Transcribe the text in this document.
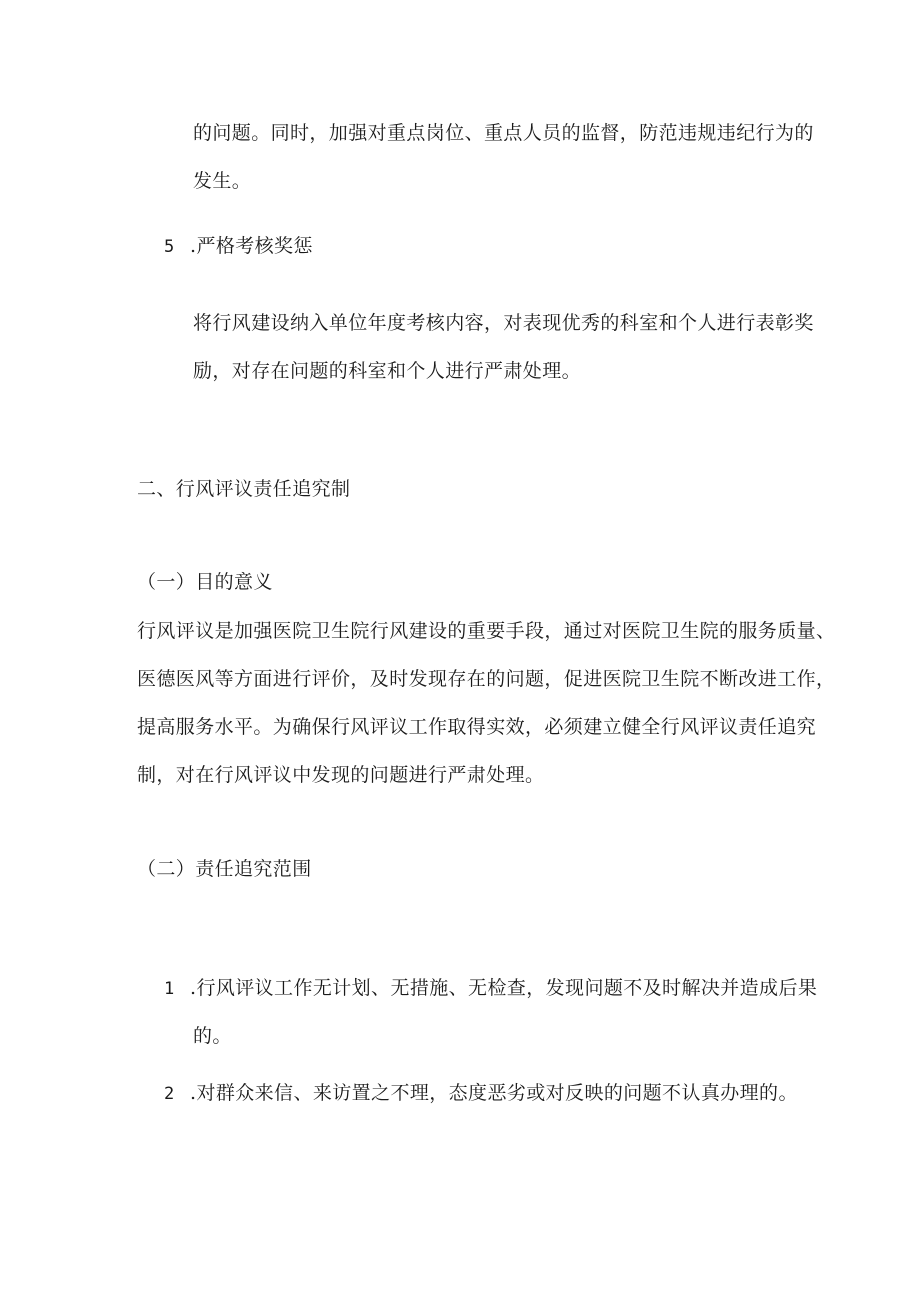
的问题。同时，加强对重点岗位、重点人员的监督，防范违规违纪行为的
发生。
5 .严格考核奖惩
将行风建设纳入单位年度考核内容，对表现优秀的科室和个人进行表彰奖
励，对存在问题的科室和个人进行严肃处理。
二、行风评议责任追究制
（一）目的意义
行风评议是加强医院卫生院行风建设的重要手段，通过对医院卫生院的服务质量、
医德医风等方面进行评价，及时发现存在的问题，促进医院卫生院不断改进工作，
提高服务水平。为确保行风评议工作取得实效，必须建立健全行风评议责任追究
制，对在行风评议中发现的问题进行严肃处理。
（二）责任追究范围
1 .行风评议工作无计划、无措施、无检查，发现问题不及时解决并造成后果
的。
2 .对群众来信、来访置之不理，态度恶劣或对反映的问题不认真办理的。
